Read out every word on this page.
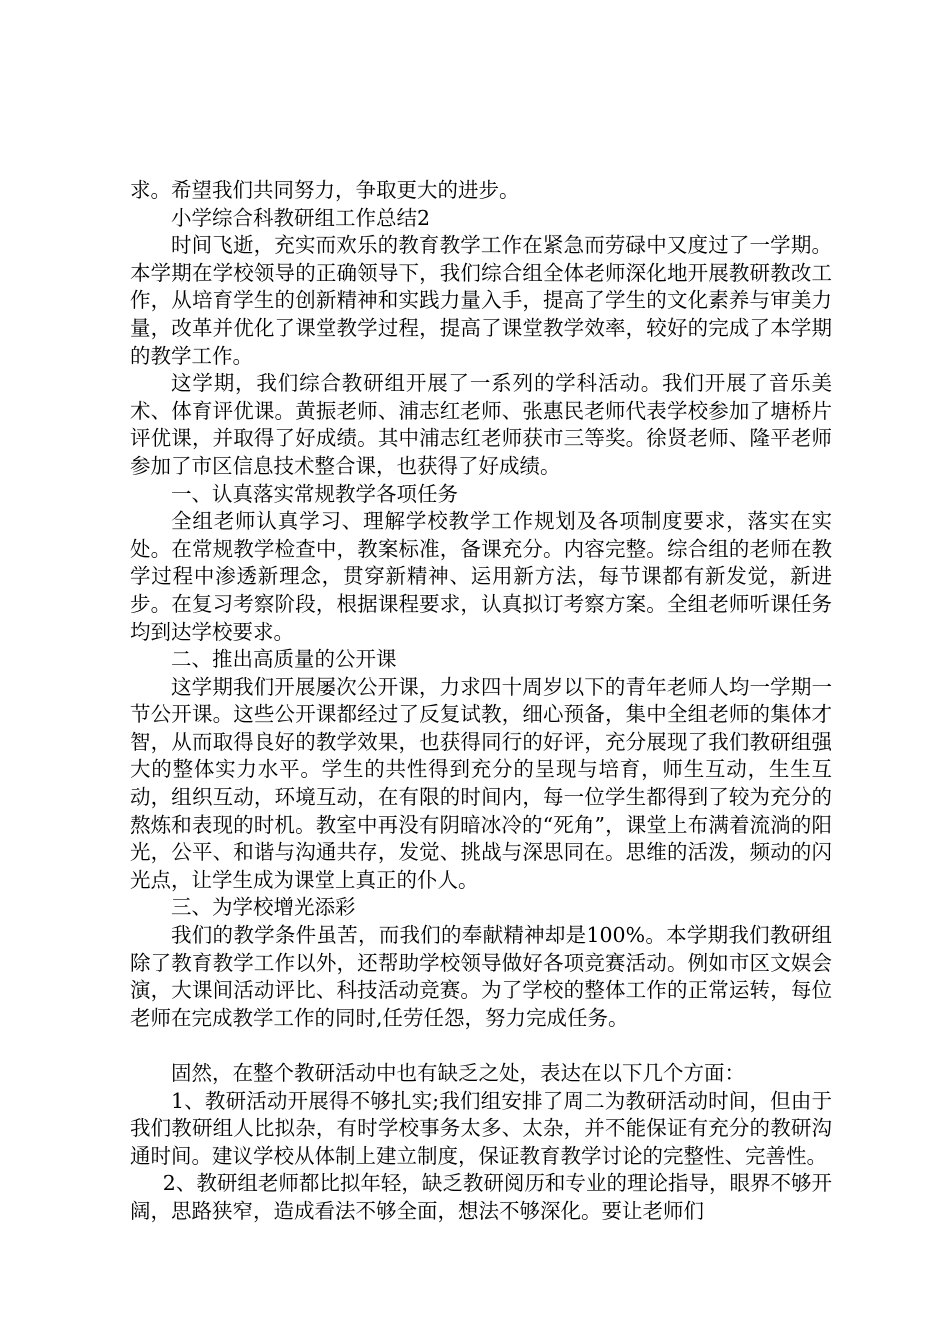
求。希望我们共同努力，争取更大的进步。

小学综合科教研组工作总结2

时间飞逝，充实而欢乐的教育教学工作在紧急而劳碌中又度过了一学期。本学期在学校领导的正确领导下，我们综合组全体老师深化地开展教研教改工作，从培育学生的创新精神和实践力量入手，提高了学生的文化素养与审美力量，改革并优化了课堂教学过程，提高了课堂教学效率，较好的完成了本学期的教学工作。

这学期，我们综合教研组开展了一系列的学科活动。我们开展了音乐美术、体育评优课。黄振老师、浦志红老师、张惠民老师代表学校参加了塘桥片评优课，并取得了好成绩。其中浦志红老师获市三等奖。徐贤老师、隆平老师参加了市区信息技术整合课，也获得了好成绩。

一、认真落实常规教学各项任务

全组老师认真学习、理解学校教学工作规划及各项制度要求，落实在实处。在常规教学检查中，教案标准，备课充分。内容完整。综合组的老师在教学过程中渗透新理念，贯穿新精神、运用新方法，每节课都有新发觉，新进步。在复习考察阶段，根据课程要求，认真拟订考察方案。全组老师听课任务均到达学校要求。

二、推出高质量的公开课

这学期我们开展屡次公开课，力求四十周岁以下的青年老师人均一学期一节公开课。这些公开课都经过了反复试教，细心预备，集中全组老师的集体才智，从而取得良好的教学效果，也获得同行的好评，充分展现了我们教研组强大的整体实力水平。学生的共性得到充分的呈现与培育，师生互动，生生互动，组织互动，环境互动，在有限的时间内，每一位学生都得到了较为充分的熬炼和表现的时机。教室中再没有阴暗冰冷的“死角”，课堂上布满着流淌的阳光，公平、和谐与沟通共存，发觉、挑战与深思同在。思维的活泼，频动的闪光点，让学生成为课堂上真正的仆人。

三、为学校增光添彩

我们的教学条件虽苦，而我们的奉献精神却是100%。本学期我们教研组除了教育教学工作以外，还帮助学校领导做好各项竞赛活动。例如市区文娱会演，大课间活动评比、科技活动竞赛。为了学校的整体工作的正常运转，每位老师在完成教学工作的同时,任劳任怨，努力完成任务。

固然，在整个教研活动中也有缺乏之处，表达在以下几个方面：

1、教研活动开展得不够扎实;我们组安排了周二为教研活动时间，但由于我们教研组人比拟杂，有时学校事务太多、太杂，并不能保证有充分的教研沟通时间。建议学校从体制上建立制度，保证教育教学讨论的完整性、完善性。

2、教研组老师都比拟年轻，缺乏教研阅历和专业的理论指导，眼界不够开阔，思路狭窄，造成看法不够全面，想法不够深化。要让老师们
